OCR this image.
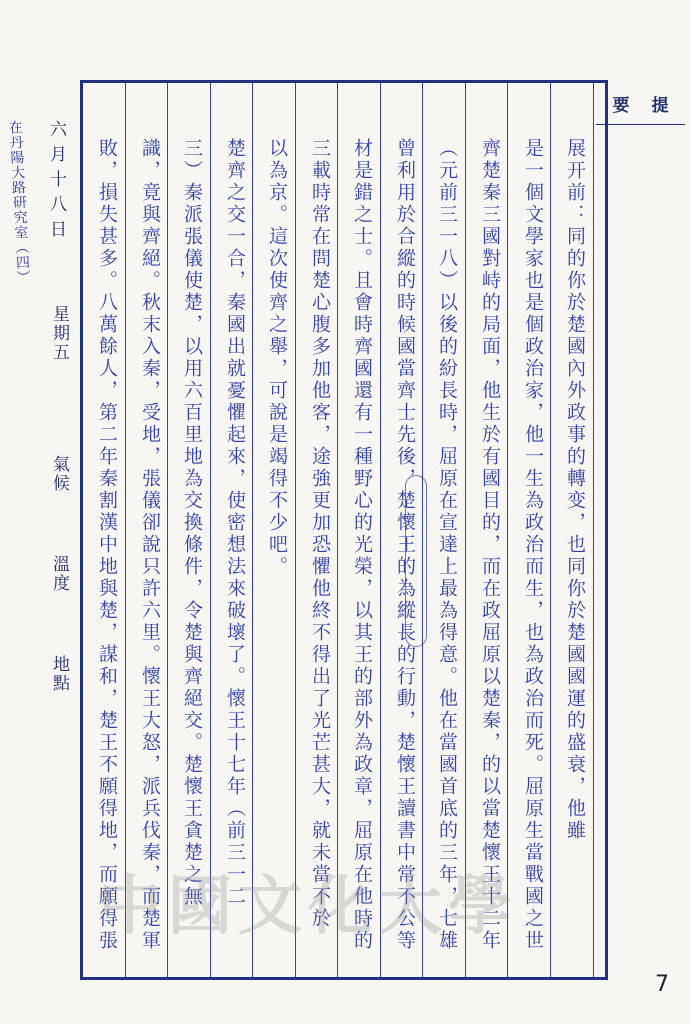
在丹陽大路研究室（四） 六月十八日
星期五
氣候
溫度
地點
要 提
展开前：同的你於楚國內外政事的轉变，也同你於楚國國運的盛衰，他雖
是一個文學家也是個政治家，他一生為政治而生，也為政治而死。屈原生當戰國之世
齊楚秦三國對峙的局面，他生於有國目的，而在政屈原以楚秦，的以當楚懷王十二年
（元前三一八）以後的紛長時，屈原在宣達上最為得意。他在當國首底的三年，七雄
曾利用於合縱的時候國當齊士先後，楚懷王的為縱長的行動，楚懷王讀書中常不公等
材是錯之士。且會時齊國還有一種野心的光榮，以其王的部外為政章，屈原在他時的
三載時常在問楚心腹多加他客，途強更加恐懼他終不得出了光芒甚大，就未當不於
以為京。這次使齊之舉，可說是竭得不少吧。
楚齊之交一合，秦國出就憂懼起來，使密想法來破壞了。懷王十七年（前三一二
三）秦派張儀使楚，以用六百里地為交換條件，令楚與齊絕交。楚懷王貪楚之無
識，竟與齊絕。秋末入秦，受地，張儀卻說只許六里。懷王大怒，派兵伐秦，而楚軍
敗，損失甚多。八萬餘人，第二年秦割漢中地與楚，謀和，楚王不願得地，而願得張
中國文化大學
7
